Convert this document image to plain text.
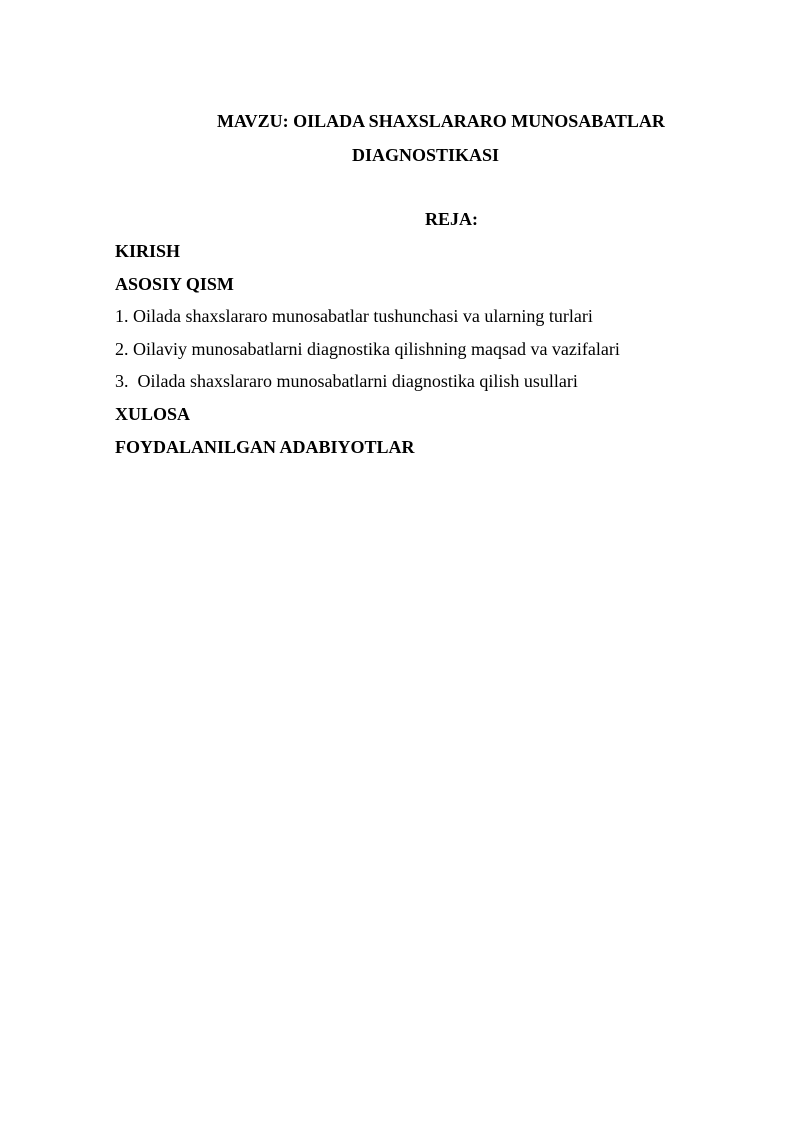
MAVZU: OILADA SHAXSLARARO MUNOSABATLAR
DIAGNOSTIKASI
REJA:
KIRISH
ASOSIY QISM
1. Oilada shaxslararo munosabatlar tushunchasi va ularning turlari
2. Oilaviy munosabatlarni diagnostika qilishning maqsad va vazifalari
3.  Oilada shaxslararo munosabatlarni diagnostika qilish usullari
XULOSA
FOYDALANILGAN ADABIYOTLAR
